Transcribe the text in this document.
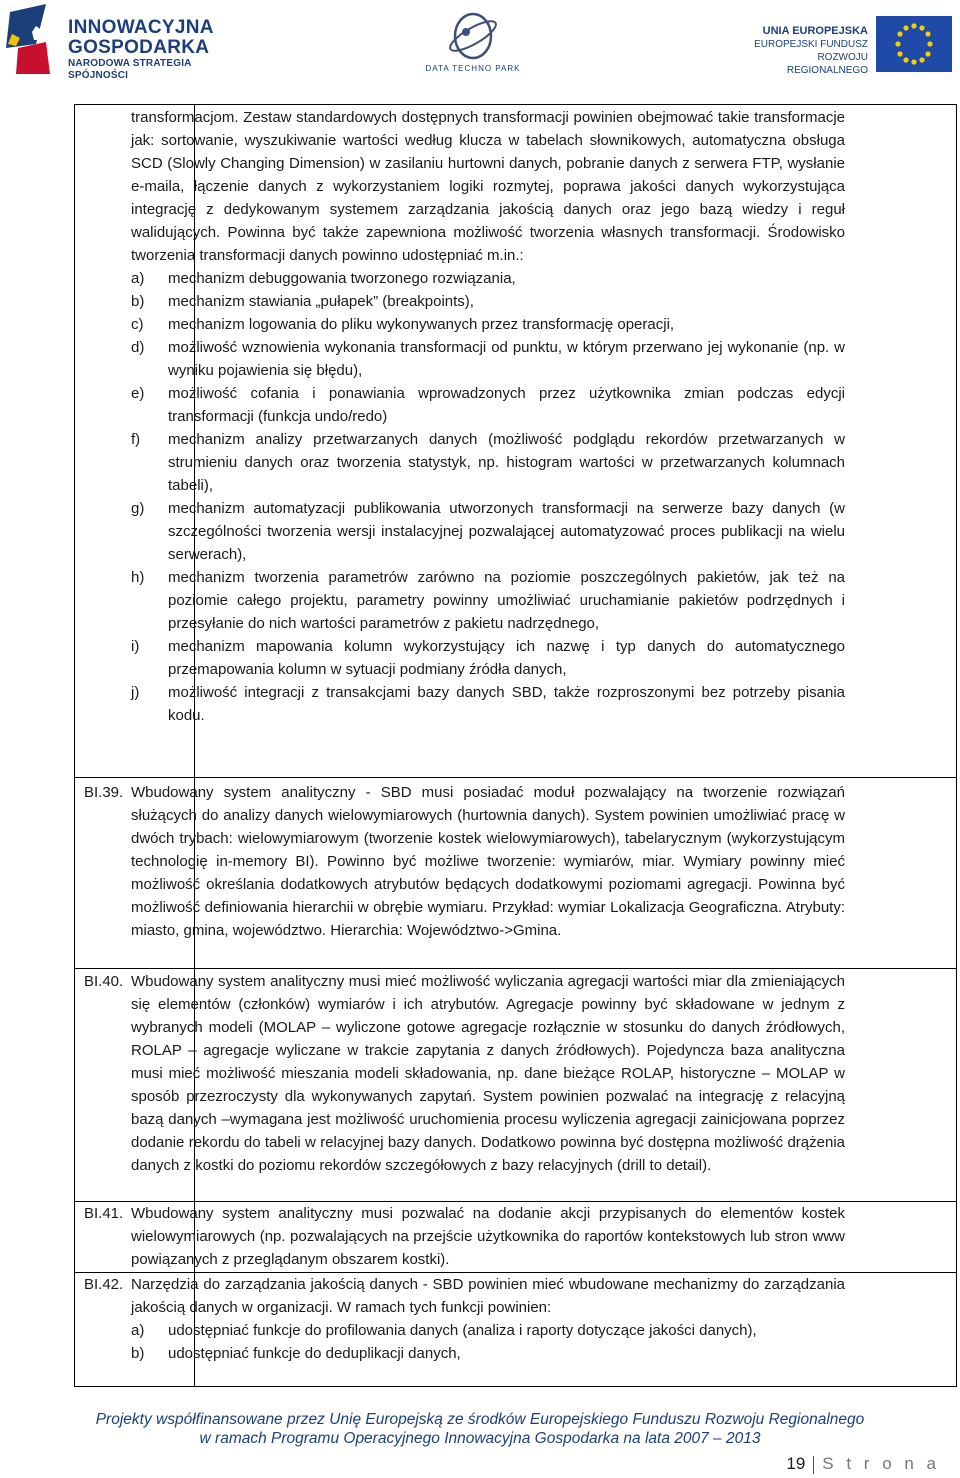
INNOWACYJNA
GOSPODARKA
NARODOWA STRATEGIA SPÓJNOŚCI
DATA TECHNO PARK
UNIA EUROPEJSKA
EUROPEJSKI FUNDUSZ
ROZWOJU REGIONALNEGO

transformacjom. Zestaw standardowych dostępnych transformacji powinien obejmować takie transformacje jak: sortowanie, wyszukiwanie wartości według klucza w tabelach słownikowych, automatyczna obsługa SCD (Slowly Changing Dimension) w zasilaniu hurtowni danych, pobranie danych z serwera FTP, wysłanie e-maila, łączenie danych z wykorzystaniem logiki rozmytej, poprawa jakości danych wykorzystująca integrację z dedykowanym systemem zarządzania jakością danych oraz jego bazą wiedzy i reguł walidujących. Powinna być także zapewniona możliwość tworzenia własnych transformacji. Środowisko tworzenia transformacji danych powinno udostępniać m.in.:

a)	mechanizm debuggowania tworzonego rozwiązania,
b)	mechanizm stawiania „pułapek” (breakpoints),
c)	mechanizm logowania do pliku wykonywanych przez transformację operacji,
d)	możliwość wznowienia wykonania transformacji od punktu, w którym przerwano jej wykonanie (np. w wyniku pojawienia się błędu),
e)	możliwość cofania i ponawiania wprowadzonych przez użytkownika zmian podczas edycji transformacji (funkcja undo/redo)
f)	mechanizm analizy przetwarzanych danych (możliwość podglądu rekordów przetwarzanych w strumieniu danych oraz tworzenia statystyk, np. histogram wartości w przetwarzanych kolumnach tabeli),
g)	mechanizm automatyzacji publikowania utworzonych transformacji na serwerze bazy danych (w szczególności tworzenia wersji instalacyjnej pozwalającej automatyzować proces publikacji na wielu serwerach),
h)	mechanizm tworzenia parametrów zarówno na poziomie poszczególnych pakietów, jak też na poziomie całego projektu, parametry powinny umożliwiać uruchamianie pakietów podrzędnych i przesyłanie do nich wartości parametrów z pakietu nadrzędnego,
i)	mechanizm mapowania kolumn wykorzystujący ich nazwę i typ danych do automatycznego przemapowania kolumn w sytuacji podmiany źródła danych,
j)	możliwość integracji z transakcjami bazy danych SBD, także rozproszonymi bez potrzeby pisania kodu.
BI.39. Wbudowany system analityczny - SBD musi posiadać moduł pozwalający na tworzenie rozwiązań służących do analizy danych wielowymiarowych (hurtownia danych). System powinien umożliwiać pracę w dwóch trybach: wielowymiarowym (tworzenie kostek wielowymiarowych), tabelarycznym (wykorzystującym technologię in-memory BI). Powinno być możliwe tworzenie: wymiarów, miar. Wymiary powinny mieć możliwość określania dodatkowych atrybutów będących dodatkowymi poziomami agregacji. Powinna być możliwość definiowania hierarchii w obrębie wymiaru. Przykład: wymiar Lokalizacja Geograficzna. Atrybuty: miasto, gmina, województwo. Hierarchia: Województwo->Gmina.

BI.40. Wbudowany system analityczny musi mieć możliwość wyliczania agregacji wartości miar dla zmieniających się elementów (członków) wymiarów i ich atrybutów. Agregacje powinny być składowane w jednym z wybranych modeli (MOLAP – wyliczone gotowe agregacje rozłącznie w stosunku do danych źródłowych, ROLAP – agregacje wyliczane w trakcie zapytania z danych źródłowych). Pojedyncza baza analityczna musi mieć możliwość mieszania modeli składowania, np. dane bieżące ROLAP, historyczne – MOLAP w sposób przezroczysty dla wykonywanych zapytań. System powinien pozwalać na integrację z relacyjną bazą danych –wymagana jest możliwość uruchomienia procesu wyliczenia agregacji zainicjowana poprzez dodanie rekordu do tabeli w relacyjnej bazy danych. Dodatkowo powinna być dostępna możliwość drążenia danych z kostki do poziomu rekordów szczegółowych z bazy relacyjnych (drill to detail).

BI.41. Wbudowany system analityczny musi pozwalać na dodanie akcji przypisanych do elementów kostek wielowymiarowych (np. pozwalających na przejście użytkownika do raportów kontekstowych lub stron www powiązanych z przeglądanym obszarem kostki).

BI.42. Narzędzia do zarządzania jakością danych - SBD powinien mieć wbudowane mechanizmy do zarządzania jakością danych w organizacji. W ramach tych funkcji powinien:

a)	udostępniać funkcje do profilowania danych (analiza i raporty dotyczące jakości danych),
b)	udostępniać funkcje do deduplikacji danych,
Projekty współfinansowane przez Unię Europejską ze środków Europejskiego Funduszu Rozwoju Regionalnego
w ramach Programu Operacyjnego Innowacyjna Gospodarka na lata 2007 – 2013
19 S t r o n a
